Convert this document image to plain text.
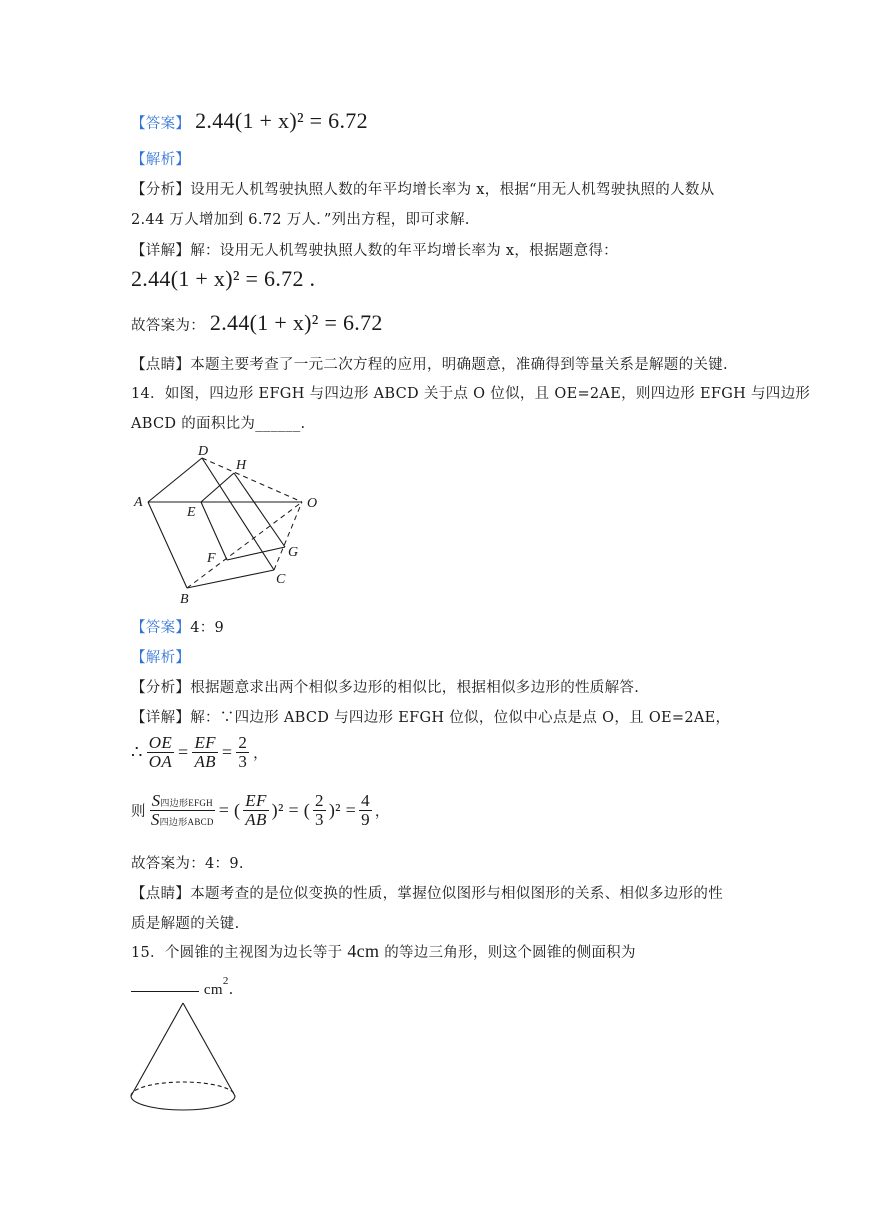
【答案】 2.44(1 + x)² = 6.72
【解析】
【分析】设用无人机驾驶执照人数的年平均增长率为 x，根据“用无人机驾驶执照的人数从
2.44 万人增加到 6.72 万人．”列出方程，即可求解.
【详解】解：设用无人机驾驶执照人数的年平均增长率为 x，根据题意得：
2.44(1 + x)² = 6.72 .
故答案为： 2.44(1 + x)² = 6.72
【点睛】本题主要考查了一元二次方程的应用，明确题意，准确得到等量关系是解题的关键.
14．如图，四边形 EFGH 与四边形 ABCD 关于点 O 位似，且 OE=2AE，则四边形 EFGH 与四边形
ABCD 的面积比为______.
A
B
C
D
E
F	G
H
O
【答案】4：9
【解析】
【分析】根据题意求出两个相似多边形的相似比，根据相似多边形的性质解答.
【详解】解：∵四边形 ABCD 与四边形 EFGH 位似，位似中心点是点 O，且 OE=2AE，
∴ $\frac{OE}{OA} = \frac{EF}{AB} = \frac{2}{3}$ ，
则 $\frac{\text{S四边形EFGH}}{\text{S四边形ABCD}}$ = ( $\frac{EF}{AB} )^2$ = ( $\frac{2}{3} )^2 = \frac{4}{9}$ ，
故答案为：4：9.
【点睛】本题考查的是位似变换的性质，掌握位似图形与相似图形的关系、相似多边形的性
质是解题的关键.
15．个圆锥的主视图为边长等于 4cm 的等边三角形，则这个圆锥的侧面积为
$cm^2$.
